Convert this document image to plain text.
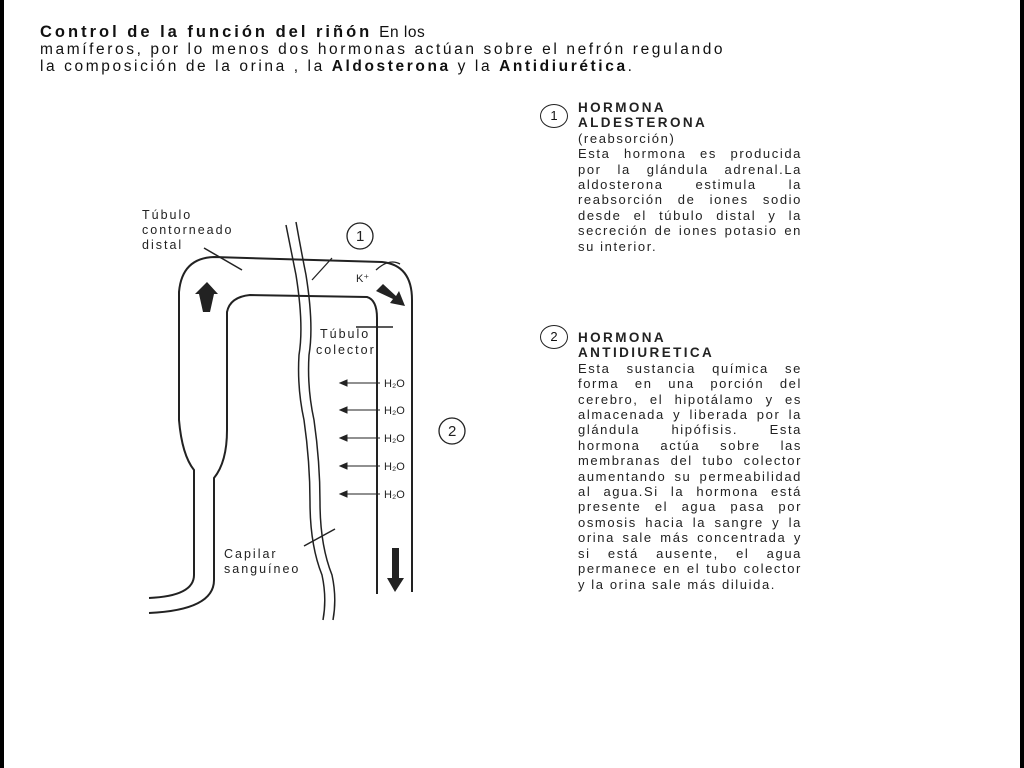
Control de la función del riñón En los
mamíferos, por lo menos dos hormonas actúan sobre el nefrón regulando
la composición de la orina , la Aldosterona y la Antidiurética.
H₂O
H₂O
H₂O
H₂O
H₂O
1
2
K⁺
Túbulo
contorneado
distal
Túbulo
colector
Capilar
sanguíneo
1
HORMONA
ALDESTERONA
(reabsorción)

Esta hormona es producida por la glándula adrenal.La aldosterona estimula la reabsorción de iones sodio desde el túbulo distal y la secreción de iones potasio en su interior.

2	HORMONA
ANTIDIURETICA

Esta sustancia química se forma en una porción del cerebro, el hipotálamo y es almacenada y liberada por la glándula hipófisis. Esta hormona actúa sobre las membranas del tubo colector aumentando su permeabilidad al agua.Si la hormona está presente el agua pasa por osmosis hacia la sangre y la orina sale más concentrada y si está ausente, el agua permanece en el tubo colector y la orina sale más diluida.
